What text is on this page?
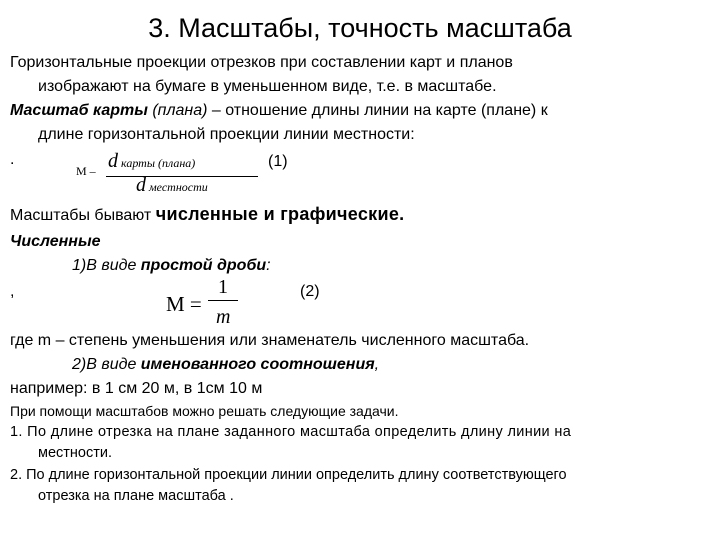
3. Масштабы, точность масштаба
Горизонтальные проекции отрезков при составлении карт и планов
изображают на бумаге в уменьшенном виде, т.е. в масштабе.
Масштаб карты (плана) – отношение длины линии на карте (плане) к
длине горизонтальной проекции линии местности:
.
M – d карты (плана)
d местности
(1)
Масштабы бывают численные и графические.
Численные
1)В виде простой дроби:
,
M =
1
m
(2)
где m – степень уменьшения или знаменатель численного масштаба.
2)В виде именованного соотношения,
например: в 1 см 20 м, в 1см 10 м
При помощи масштабов можно решать следующие задачи.
1. По длине отрезка на плане заданного масштаба определить длину линии на
местности.
2. По длине горизонтальной проекции линии определить длину соответствующего
отрезка на плане масштаба .
